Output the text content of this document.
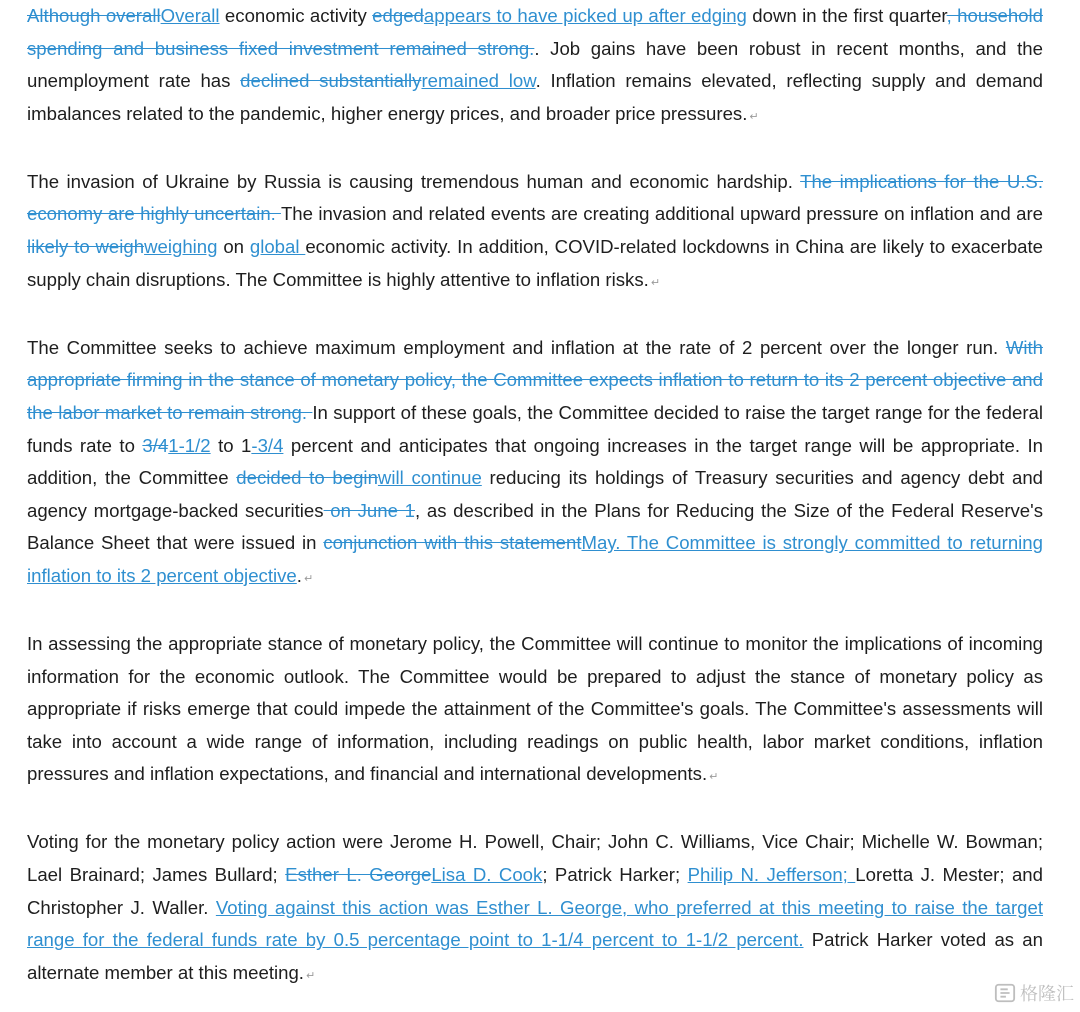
Although overallOverall economic activity edgedappears to have picked up after edging down in the first quarter, household spending and business fixed investment remained strong.. Job gains have been robust in recent months, and the unemployment rate has declined substantiallyremained low. Inflation remains elevated, reflecting supply and demand imbalances related to the pandemic, higher energy prices, and broader price pressures. ↵

The invasion of Ukraine by Russia is causing tremendous human and economic hardship. The implications for the U.S. economy are highly uncertain. The invasion and related events are creating additional upward pressure on inflation and are likely to weighweighing on global economic activity. In addition, COVID-related lockdowns in China are likely to exacerbate supply chain disruptions. The Committee is highly attentive to inflation risks. ↵

The Committee seeks to achieve maximum employment and inflation at the rate of 2 percent over the longer run. With appropriate firming in the stance of monetary policy, the Committee expects inflation to return to its 2 percent objective and the labor market to remain strong. In support of these goals, the Committee decided to raise the target range for the federal funds rate to 3/41-1/2 to 1-3/4 percent and anticipates that ongoing increases in the target range will be appropriate. In addition, the Committee decided to beginwill continue reducing its holdings of Treasury securities and agency debt and agency mortgage-backed securities on June 1, as described in the Plans for Reducing the Size of the Federal Reserve's Balance Sheet that were issued in conjunction with this statementMay. The Committee is strongly committed to returning inflation to its 2 percent objective. ↵

In assessing the appropriate stance of monetary policy, the Committee will continue to monitor the implications of incoming information for the economic outlook. The Committee would be prepared to adjust the stance of monetary policy as appropriate if risks emerge that could impede the attainment of the Committee's goals. The Committee's assessments will take into account a wide range of information, including readings on public health, labor market conditions, inflation pressures and inflation expectations, and financial and international developments. ↵

Voting for the monetary policy action were Jerome H. Powell, Chair; John C. Williams, Vice Chair; Michelle W. Bowman; Lael Brainard; James Bullard; Esther L. GeorgeLisa D. Cook; Patrick Harker; Philip N. Jefferson; Loretta J. Mester; and Christopher J. Waller. Voting against this action was Esther L. George, who preferred at this meeting to raise the target range for the federal funds rate by 0.5 percentage point to 1-1/4 percent to 1-1/2 percent. Patrick Harker voted as an alternate member at this meeting. ↵

格隆汇
